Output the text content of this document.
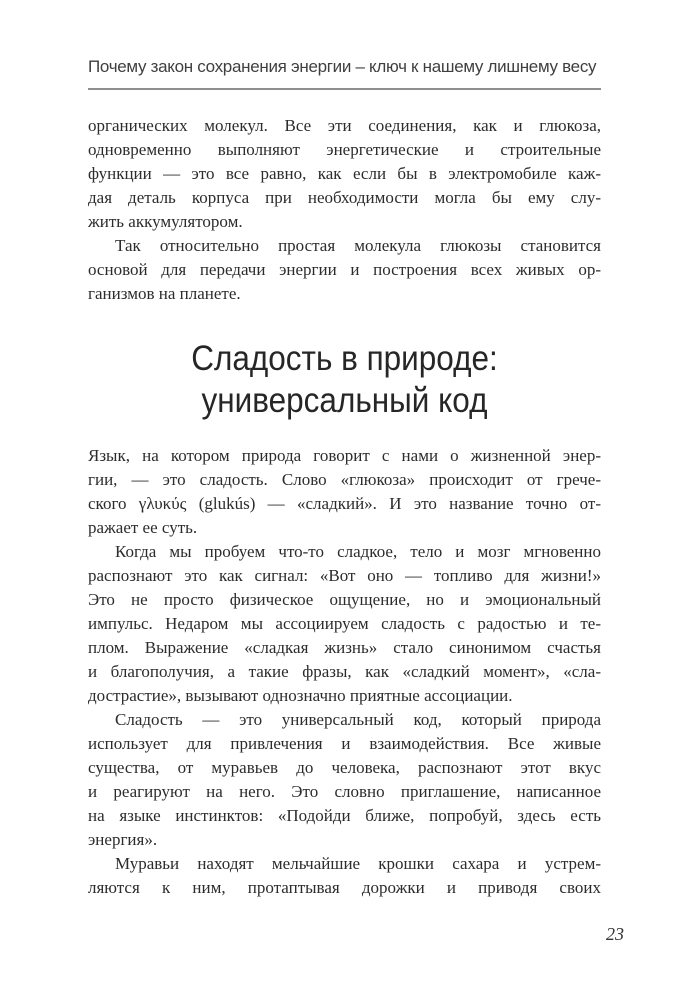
Почему закон сохранения энергии – ключ к нашему лишнему весу
органических молекул. Все эти соединения, как и глюкоза,
одновременно выполняют энергетические и строительные
функции — это все равно, как если бы в электромобиле каж-
дая деталь корпуса при необходимости могла бы ему слу-
жить аккумулятором.
Так относительно простая молекула глюкозы становится
основой для передачи энергии и построения всех живых ор-
ганизмов на планете.
Сладость в природе:
универсальный код
Язык, на котором природа говорит с нами о жизненной энер-
гии, — это сладость. Слово «глюкоза» происходит от грече-
ского γλυκύς (glukús) — «сладкий». И это название точно от-
ражает ее суть.
Когда мы пробуем что-то сладкое, тело и мозг мгновенно
распознают это как сигнал: «Вот оно — топливо для жизни!»
Это не просто физическое ощущение, но и эмоциональный
импульс. Недаром мы ассоциируем сладость с радостью и те-
плом. Выражение «сладкая жизнь» стало синонимом счастья
и благополучия, а такие фразы, как «сладкий момент», «сла-
дострастие», вызывают однозначно приятные ассоциации.
Сладость — это универсальный код, который природа
использует для привлечения и взаимодействия. Все живые
существа, от муравьев до человека, распознают этот вкус
и реагируют на него. Это словно приглашение, написанное
на языке инстинктов: «Подойди ближе, попробуй, здесь есть
энергия».
Муравьи находят мельчайшие крошки сахара и устрем-
ляются к ним, протаптывая дорожки и приводя своих
23
